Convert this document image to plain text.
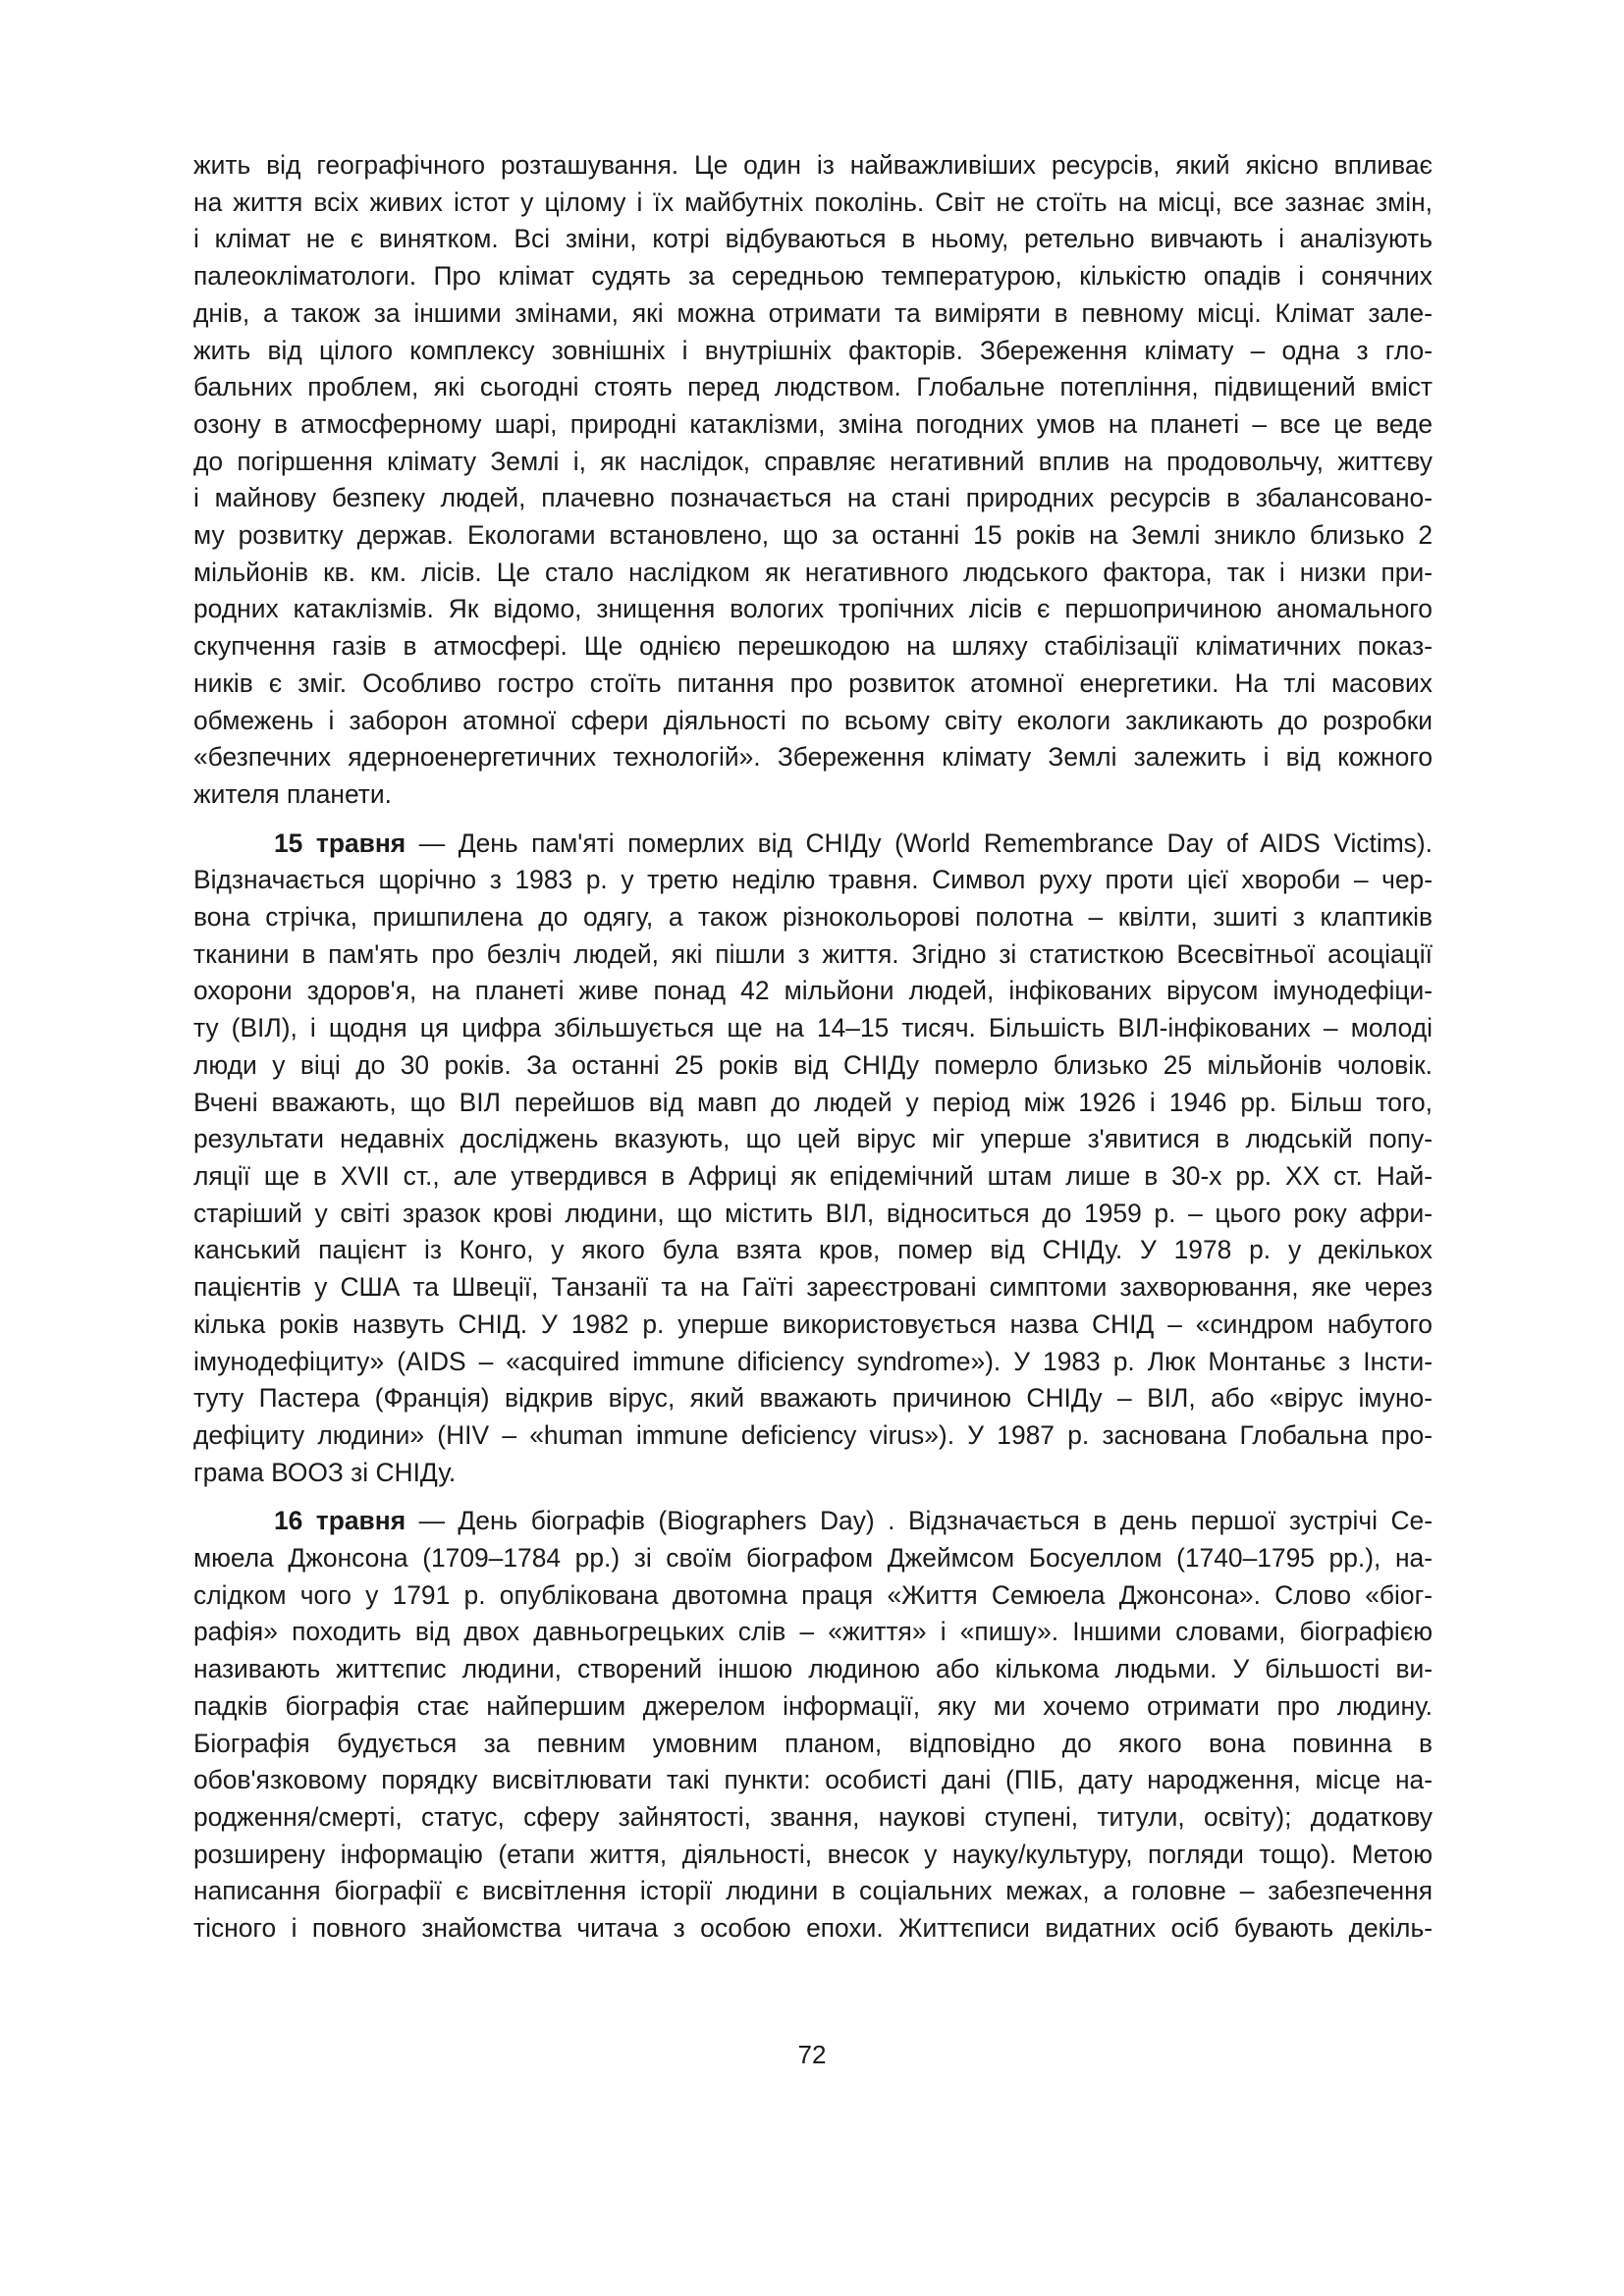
жить від географічного розташування. Це один із найважливіших ресурсів, який якісно впливає
на життя всіх живих істот у цілому і їх майбутніх поколінь. Світ не стоїть на місці, все зазнає змін,
і клімат не є винятком. Всі зміни, котрі відбуваються в ньому, ретельно вивчають і аналізують
палеокліматологи. Про клімат судять за середньою температурою, кількістю опадів і сонячних
днів, а також за іншими змінами, які можна отримати та виміряти в певному місці. Клімат зале-
жить від цілого комплексу зовнішніх і внутрішніх факторів. Збереження клімату – одна з гло-
бальних проблем, які сьогодні стоять перед людством. Глобальне потепління, підвищений вміст
озону в атмосферному шарі, природні катаклізми, зміна погодних умов на планеті – все це веде
до погіршення клімату Землі і, як наслідок, справляє негативний вплив на продовольчу, життєву
і майнову безпеку людей, плачевно позначається на стані природних ресурсів в збалансовано-
му розвитку держав. Екологами встановлено, що за останні 15 років на Землі зникло близько 2
мільйонів кв. км. лісів. Це стало наслідком як негативного людського фактора, так і низки при-
родних катаклізмів. Як відомо, знищення вологих тропічних лісів є першопричиною аномального
скупчення газів в атмосфері. Ще однією перешкодою на шляху стабілізації кліматичних показ-
ників є зміг. Особливо гостро стоїть питання про розвиток атомної енергетики. На тлі масових
обмежень і заборон атомної сфери діяльності по всьому світу екологи закликають до розробки
«безпечних ядерноенергетичних технологій». Збереження клімату Землі залежить і від кожного
жителя планети.
15 травня — День пам'яті померлих від СНІДу (World Remembrance Day of AIDS Victims).
Відзначається щорічно з 1983 р. у третю неділю травня. Символ руху проти цієї хвороби – чер-
вона стрічка, пришпилена до одягу, а також різнокольорові полотна – квілти, зшиті з клаптиків
тканини в пам'ять про безліч людей, які пішли з життя. Згідно зі статисткою Всесвітньої асоціації
охорони здоров'я, на планеті живе понад 42 мільйони людей, інфікованих вірусом імунодефіци-
ту (ВІЛ), і щодня ця цифра збільшується ще на 14–15 тисяч. Більшість ВІЛ-інфікованих – молоді
люди у віці до 30 років. За останні 25 років від СНІДу померло близько 25 мільйонів чоловік.
Вчені вважають, що ВІЛ перейшов від мавп до людей у період між 1926 і 1946 рр. Більш того,
результати недавніх досліджень вказують, що цей вірус міг уперше з'явитися в людській попу-
ляції ще в XVII ст., але утвердився в Африці як епідемічний штам лише в 30-х рр. XX ст. Най-
старіший у світі зразок крові людини, що містить ВІЛ, відноситься до 1959 р. – цього року афри-
канський пацієнт із Конго, у якого була взята кров, помер від СНІДу. У 1978 р. у декількох
пацієнтів у США та Швеції, Танзанії та на Гаїті зареєстровані симптоми захворювання, яке через
кілька років назвуть СНІД. У 1982 р. уперше використовується назва СНІД – «синдром набутого
імунодефіциту» (AIDS – «acquired immune dificiency syndrome»). У 1983 р. Люк Монтаньє з Інсти-
туту Пастера (Франція) відкрив вірус, який вважають причиною СНІДу – ВІЛ, або «вірус імуно-
дефіциту людини» (HIV – «human immune deficiency virus»). У 1987 р. заснована Глобальна про-
грама ВООЗ зі СНІДу.
16 травня — День біографів (Biographers Day) . Відзначається в день першої зустрічі Се-
мюела Джонсона (1709–1784 рр.) зі своїм біографом Джеймсом Босуеллом (1740–1795 рр.), на-
слідком чого у 1791 р. опублікована двотомна праця «Життя Семюела Джонсона». Слово «біог-
рафія» походить від двох давньогрецьких слів – «життя» і «пишу». Іншими словами, біографією
називають життєпис людини, створений іншою людиною або кількома людьми. У більшості ви-
падків біографія стає найпершим джерелом інформації, яку ми хочемо отримати про людину.
Біографія будується за певним умовним планом, відповідно до якого вона повинна в
обов'язковому порядку висвітлювати такі пункти: особисті дані (ПІБ, дату народження, місце на-
родження/смерті, статус, сферу зайнятості, звання, наукові ступені, титули, освіту); додаткову
розширену інформацію (етапи життя, діяльності, внесок у науку/культуру, погляди тощо). Метою
написання біографії є висвітлення історії людини в соціальних межах, а головне – забезпечення
тісного і повного знайомства читача з особою епохи. Життєписи видатних осіб бувають декіль-
72
